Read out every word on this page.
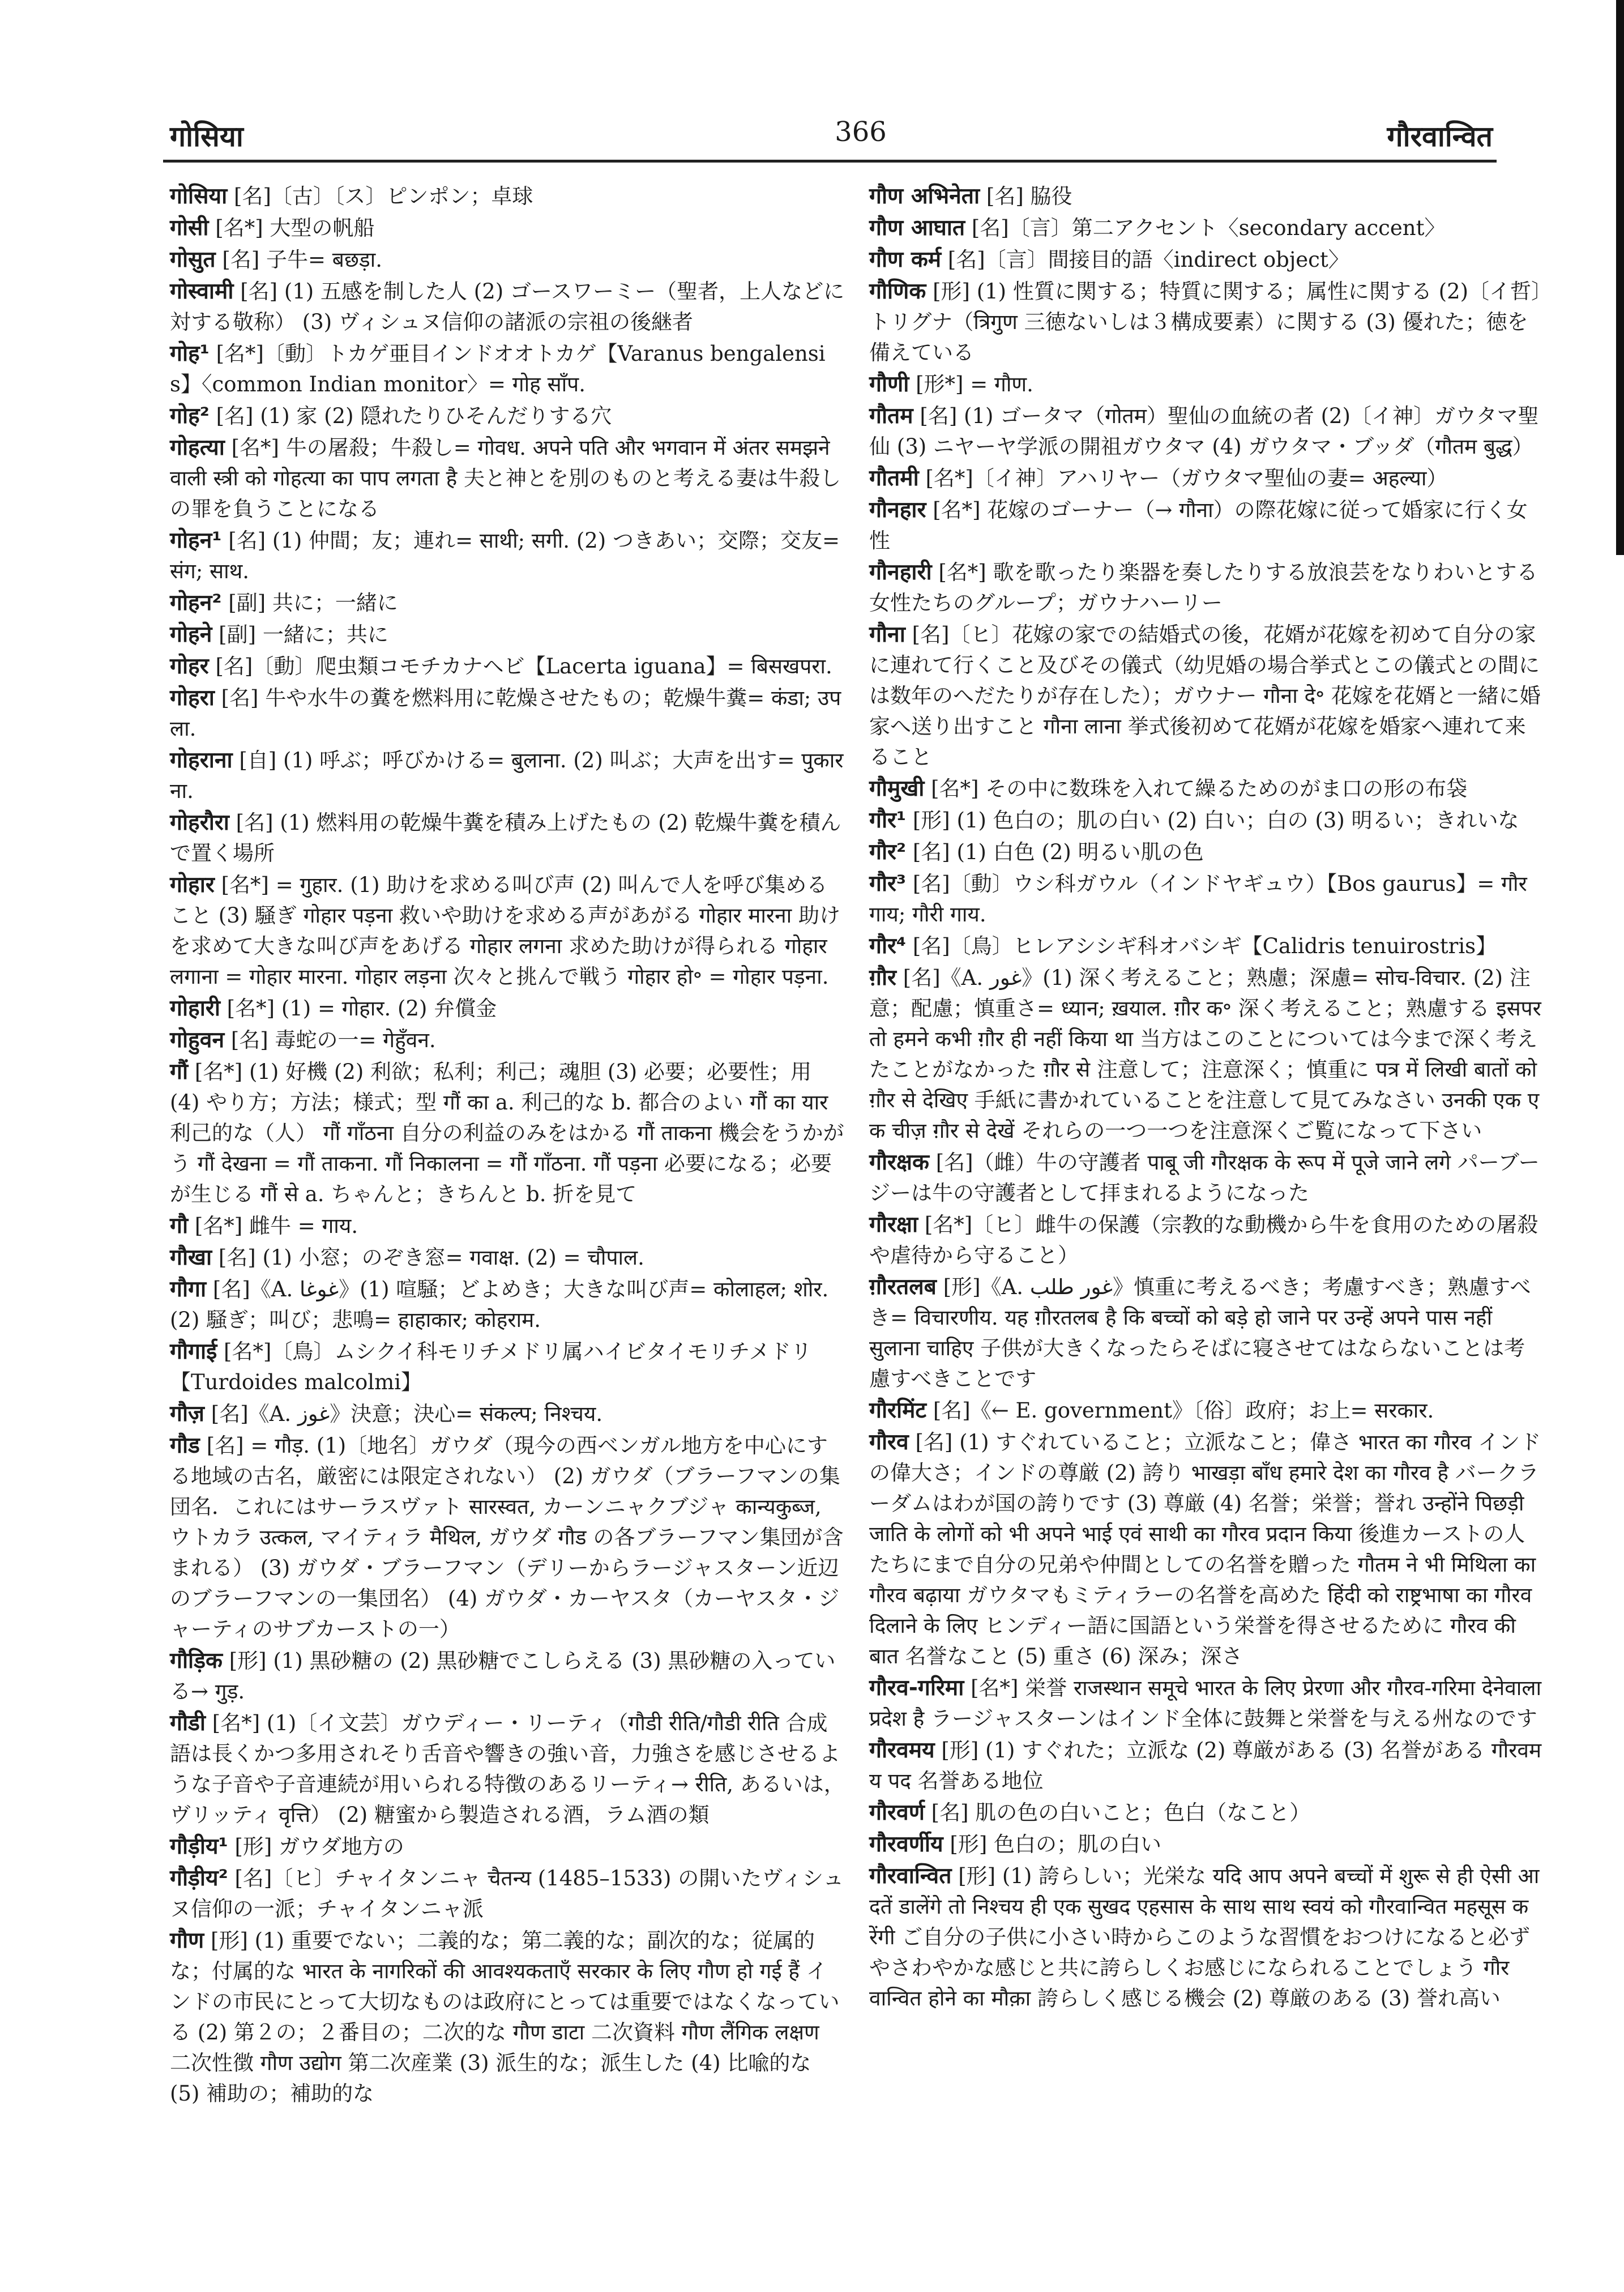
गोसिया	366	गौरवान्वित
गोसिया [名]〔古〕〔ス〕ピンポン；卓球
गोसी [名*] 大型の帆船
गोसुत [名] 子牛= बछड़ा.
गोस्वामी [名] (1) 五感を制した人 (2) ゴースワーミー（聖者，上人などに対する敬称） (3) ヴィシュヌ信仰の諸派の宗祖の後継者
गोह¹ [名*]〔動〕トカゲ亜目インドオオトカゲ【Varanus bengalensis】〈common Indian monitor〉= गोह साँप.
गोह² [名] (1) 家 (2) 隠れたりひそんだりする穴
गोहत्या [名*] 牛の屠殺；牛殺し= गोवध. अपने पति और भगवान में अंतर समझने वाली स्त्री को गोहत्या का पाप लगता है 夫と神とを別のものと考える妻は牛殺しの罪を負うことになる
गोहन¹ [名] (1) 仲間；友；連れ= साथी; सगी. (2) つきあい；交際；交友= संग; साथ.
गोहन² [副] 共に；一緒に
गोहने [副] 一緒に；共に
गोहर [名]〔動〕爬虫類コモチカナヘビ【Lacerta iguana】= बिसखपरा.
गोहरा [名] 牛や水牛の糞を燃料用に乾燥させたもの；乾燥牛糞= कंडा; उपला.
गोहराना [自] (1) 呼ぶ；呼びかける= बुलाना. (2) 叫ぶ；大声を出す= पुकारना.
गोहरौरा [名] (1) 燃料用の乾燥牛糞を積み上げたもの (2) 乾燥牛糞を積んで置く場所
गोहार [名*] = गुहार. (1) 助けを求める叫び声 (2) 叫んで人を呼び集めること (3) 騒ぎ गोहार पड़ना 救いや助けを求める声があがる गोहार मारना 助けを求めて大きな叫び声をあげる गोहार लगना 求めた助けが得られる गोहार लगाना = गोहार मारना. गोहार लड़ना 次々と挑んで戦う गोहार हो॰ = गोहार पड़ना.
गोहारी [名*] (1) = गोहार. (2) 弁償金
गोहुवन [名] 毒蛇の一= गेहुँवन.
गौं [名*] (1) 好機 (2) 利欲；私利；利己；魂胆 (3) 必要；必要性；用 (4) やり方；方法；様式；型 गौं का a. 利己的な b. 都合のよい गौं का यार 利己的な（人） गौं गाँठना 自分の利益のみをはかる गौं ताकना 機会をうかがう गौं देखना = गौं ताकना. गौं निकालना = गौं गाँठना. गौं पड़ना 必要になる；必要が生じる गौं से a. ちゃんと；きちんと b. 折を見て
गौ [名*] 雌牛 = गाय.
गौखा [名] (1) 小窓；のぞき窓= गवाक्ष. (2) = चौपाल.
गौगा [名]《A. غوغا》(1) 喧騒；どよめき；大きな叫び声= कोलाहल; शोर. (2) 騒ぎ；叫び；悲鳴= हाहाकार; कोहराम.
गौगाई [名*]〔鳥〕ムシクイ科モリチメドリ属ハイビタイモリチメドリ【Turdoides malcolmi】
गौज़ [名]《A. غوز》決意；決心= संकल्प; निश्चय.
गौड [名] = गौड़. (1)〔地名〕ガウダ（現今の西ベンガル地方を中心にする地域の古名，厳密には限定されない） (2) ガウダ（ブラーフマンの集団名．これにはサーラスヴァト सारस्वत, カーンニャクブジャ कान्यकुब्ज, ウトカラ उत्कल, マイティラ मैथिल, ガウダ गौड の各ブラーフマン集団が含まれる） (3) ガウダ・ブラーフマン（デリーからラージャスターン近辺のブラーフマンの一集団名） (4) ガウダ・カーヤスタ（カーヤスタ・ジャーティのサブカーストの一）
गौड़िक [形] (1) 黒砂糖の (2) 黒砂糖でこしらえる (3) 黒砂糖の入っている→ गुड़.
गौडी [名*] (1)〔イ文芸〕ガウディー・リーティ（गौडी रीति/गौडी रीति 合成語は長くかつ多用されそり舌音や響きの強い音，力強さを感じさせるような子音や子音連続が用いられる特徴のあるリーティ→ रीति, あるいは，ヴリッティ वृत्ति） (2) 糖蜜から製造される酒，ラム酒の類
गौड़ीय¹ [形] ガウダ地方の
गौड़ीय² [名]〔ヒ〕チャイタンニャ चैतन्य (1485–1533) の開いたヴィシュヌ信仰の一派；チャイタンニャ派
गौण [形] (1) 重要でない；二義的な；第二義的な；副次的な；従属的な；付属的な भारत के नागरिकों की आवश्यकताएँ सरकार के लिए गौण हो गई हैं インドの市民にとって大切なものは政府にとっては重要ではなくなっている (2) 第２の；２番目の；二次的な गौण डाटा 二次資料 गौण लैंगिक लक्षण 二次性徴 गौण उद्योग 第二次産業 (3) 派生的な；派生した (4) 比喩的な (5) 補助の；補助的な
गौण अभिनेता [名] 脇役
गौण आघात [名]〔言〕第二アクセント〈secondary accent〉
गौण कर्म [名]〔言〕間接目的語〈indirect object〉
गौणिक [形] (1) 性質に関する；特質に関する；属性に関する (2)〔イ哲〕トリグナ（त्रिगुण 三徳ないしは３構成要素）に関する (3) 優れた；徳を備えている
गौणी [形*] = गौण.
गौतम [名] (1) ゴータマ（गोतम）聖仙の血統の者 (2)〔イ神〕ガウタマ聖仙 (3) ニヤーヤ学派の開祖ガウタマ (4) ガウタマ・ブッダ（गौतम बुद्ध）
गौतमी [名*]〔イ神〕アハリヤー（ガウタマ聖仙の妻= अहल्या）
गौनहार [名*] 花嫁のゴーナー（→ गौना）の際花嫁に従って婚家に行く女性
गौनहारी [名*] 歌を歌ったり楽器を奏したりする放浪芸をなりわいとする女性たちのグループ；ガウナハーリー
गौना [名]〔ヒ〕花嫁の家での結婚式の後，花婿が花嫁を初めて自分の家に連れて行くこと及びその儀式（幼児婚の場合挙式とこの儀式との間には数年のへだたりが存在した）；ガウナー गौना दे॰ 花嫁を花婿と一緒に婚家へ送り出すこと गौना लाना 挙式後初めて花婿が花嫁を婚家へ連れて来ること
गौमुखी [名*] その中に数珠を入れて繰るためのがま口の形の布袋
गौर¹ [形] (1) 色白の；肌の白い (2) 白い；白の (3) 明るい；きれいな
गौर² [名] (1) 白色 (2) 明るい肌の色
गौर³ [名]〔動〕ウシ科ガウル（インドヤギュウ）【Bos gaurus】= गौर गाय; गौरी गाय.
गौर⁴ [名]〔鳥〕ヒレアシシギ科オバシギ【Calidris tenuirostris】
ग़ौर [名]《A. غور》(1) 深く考えること；熟慮；深慮= सोच-विचार. (2) 注意；配慮；慎重さ= ध्यान; ख़याल. ग़ौर क॰ 深く考えること；熟慮する इसपर तो हमने कभी ग़ौर ही नहीं किया था 当方はこのことについては今まで深く考えたことがなかった ग़ौर से 注意して；注意深く；慎重に पत्र में लिखी बातों को ग़ौर से देखिए 手紙に書かれていることを注意して見てみなさい उनकी एक एक चीज़ ग़ौर से देखें それらの一つ一つを注意深くご覧になって下さい
गौरक्षक [名]（雌）牛の守護者 पाबू जी गौरक्षक के रूप में पूजे जाने लगे パーブージーは牛の守護者として拝まれるようになった
गौरक्षा [名*]〔ヒ〕雌牛の保護（宗教的な動機から牛を食用のための屠殺や虐待から守ること）
ग़ौरतलब [形]《A. غور طلب》慎重に考えるべき；考慮すべき；熟慮すべき= विचारणीय. यह ग़ौरतलब है कि बच्चों को बड़े हो जाने पर उन्हें अपने पास नहीं सुलाना चाहिए 子供が大きくなったらそばに寝させてはならないことは考慮すべきことです
गौरमिंट [名]《← E. government》〔俗〕政府；お上= सरकार.
गौरव [名] (1) すぐれていること；立派なこと；偉さ भारत का गौरव インドの偉大さ；インドの尊厳 (2) 誇り भाखड़ा बाँध हमारे देश का गौरव है バークラーダムはわが国の誇りです (3) 尊厳 (4) 名誉；栄誉；誉れ उन्होंने पिछड़ी जाति के लोगों को भी अपने भाई एवं साथी का गौरव प्रदान किया 後進カーストの人たちにまで自分の兄弟や仲間としての名誉を贈った गौतम ने भी मिथिला का गौरव बढ़ाया ガウタマもミティラーの名誉を高めた हिंदी को राष्ट्रभाषा का गौरव दिलाने के लिए ヒンディー語に国語という栄誉を得させるために गौरव की बात 名誉なこと (5) 重さ (6) 深み；深さ
गौरव-गरिमा [名*] 栄誉 राजस्थान समूचे भारत के लिए प्रेरणा और गौरव-गरिमा देनेवाला प्रदेश है ラージャスターンはインド全体に鼓舞と栄誉を与える州なのです
गौरवमय [形] (1) すぐれた；立派な (2) 尊厳がある (3) 名誉がある गौरवमय पद 名誉ある地位
गौरवर्ण [名] 肌の色の白いこと；色白（なこと）
गौरवर्णीय [形] 色白の；肌の白い
गौरवान्वित [形] (1) 誇らしい；光栄な यदि आप अपने बच्चों में शुरू से ही ऐसी आदतें डालेंगे तो निश्चय ही एक सुखद एहसास के साथ साथ स्वयं को गौरवान्वित महसूस करेंगी ご自分の子供に小さい時からこのような習慣をおつけになると必ずやさわやかな感じと共に誇らしくお感じになられることでしょう गौरवान्वित होने का मौक़ा 誇らしく感じる機会 (2) 尊厳のある (3) 誉れ高い
